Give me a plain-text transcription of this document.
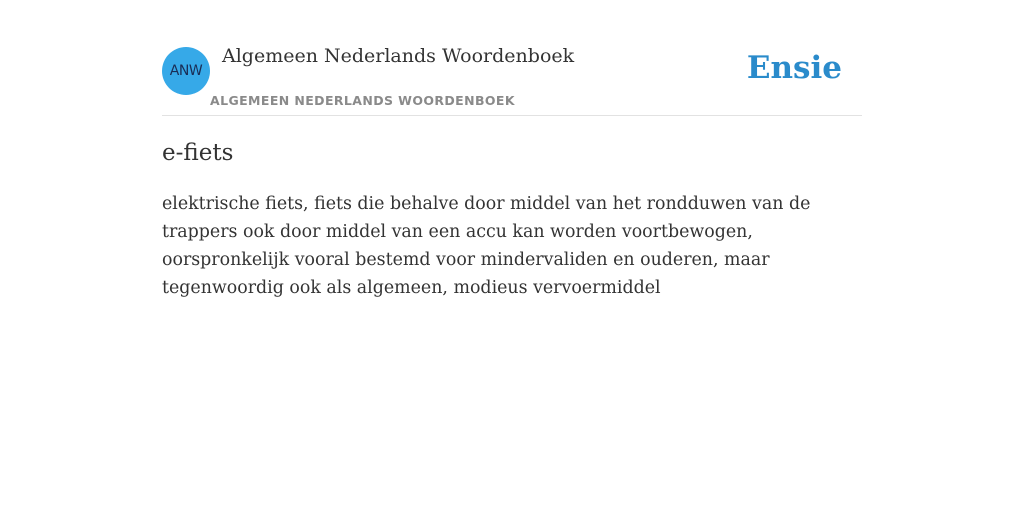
ANW
Algemeen Nederlands Woordenboek
ALGEMEEN NEDERLANDS WOORDENBOEK
Ensie
e-fiets

elektrische fiets, fiets die behalve door middel van het rondduwen van de trappers ook door middel van een accu kan worden voortbewogen, oorspronkelijk vooral bestemd voor mindervaliden en ouderen, maar tegenwoordig ook als algemeen, modieus vervoermiddel
